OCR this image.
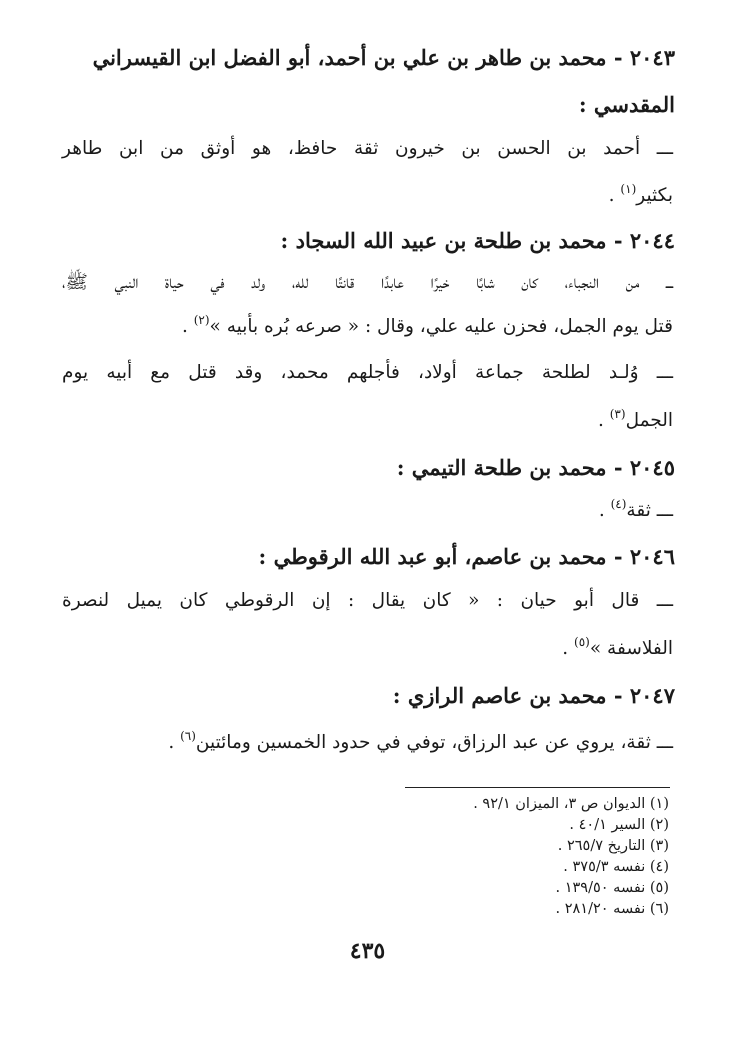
٢٠٤٣ - محمد بن طاهر بن علي بن أحمد، أبو الفضل ابن القيسراني
المقدسي :
ـــ أحمد بن الحسن بن خيرون ثقة حافظ، هو أوثق من ابن طاهر
بكثير$^{(١)}$ .
٢٠٤٤ - محمد بن طلحة بن عبيد الله السجاد :
ـــ من النجباء، كان شابًا خيرًا عابدًا قانتًا لله، ولد في حياة النبي ﷺ،
قتل يوم الجمل، فحزن عليه علي، وقال : « صرعه بُره بأبيه »$^{(٢)}$ .
ـــ وُلـد لطلحة جماعة أولاد، فأجلهم محمد، وقد قتل مع أبيه يوم
الجمل$^{(٣)}$ .
٢٠٤٥ - محمد بن طلحة التيمي :
ـــ ثقة$^{(٤)}$ .
٢٠٤٦ - محمد بن عاصم، أبو عبد الله الرقوطي :
ـــ قال أبو حيان : « كان يقال : إن الرقوطي كان يميل لنصرة
الفلاسفة »$^{(٥)}$ .
٢٠٤٧ - محمد بن عاصم الرازي :
ـــ ثقة، يروي عن عبد الرزاق، توفي في حدود الخمسين ومائتين$^{(٦)}$ .
(١) الديوان ص ٣، الميزان ٩٢/١ .
(٢) السير ٤٠/١ .
(٣) التاريخ ٢٦٥/٧ .
(٤) نفسه ٣٧٥/٣ .
(٥) نفسه ١٣٩/٥٠ .
(٦) نفسه ٢٨١/٢٠ .
٤٣٥
